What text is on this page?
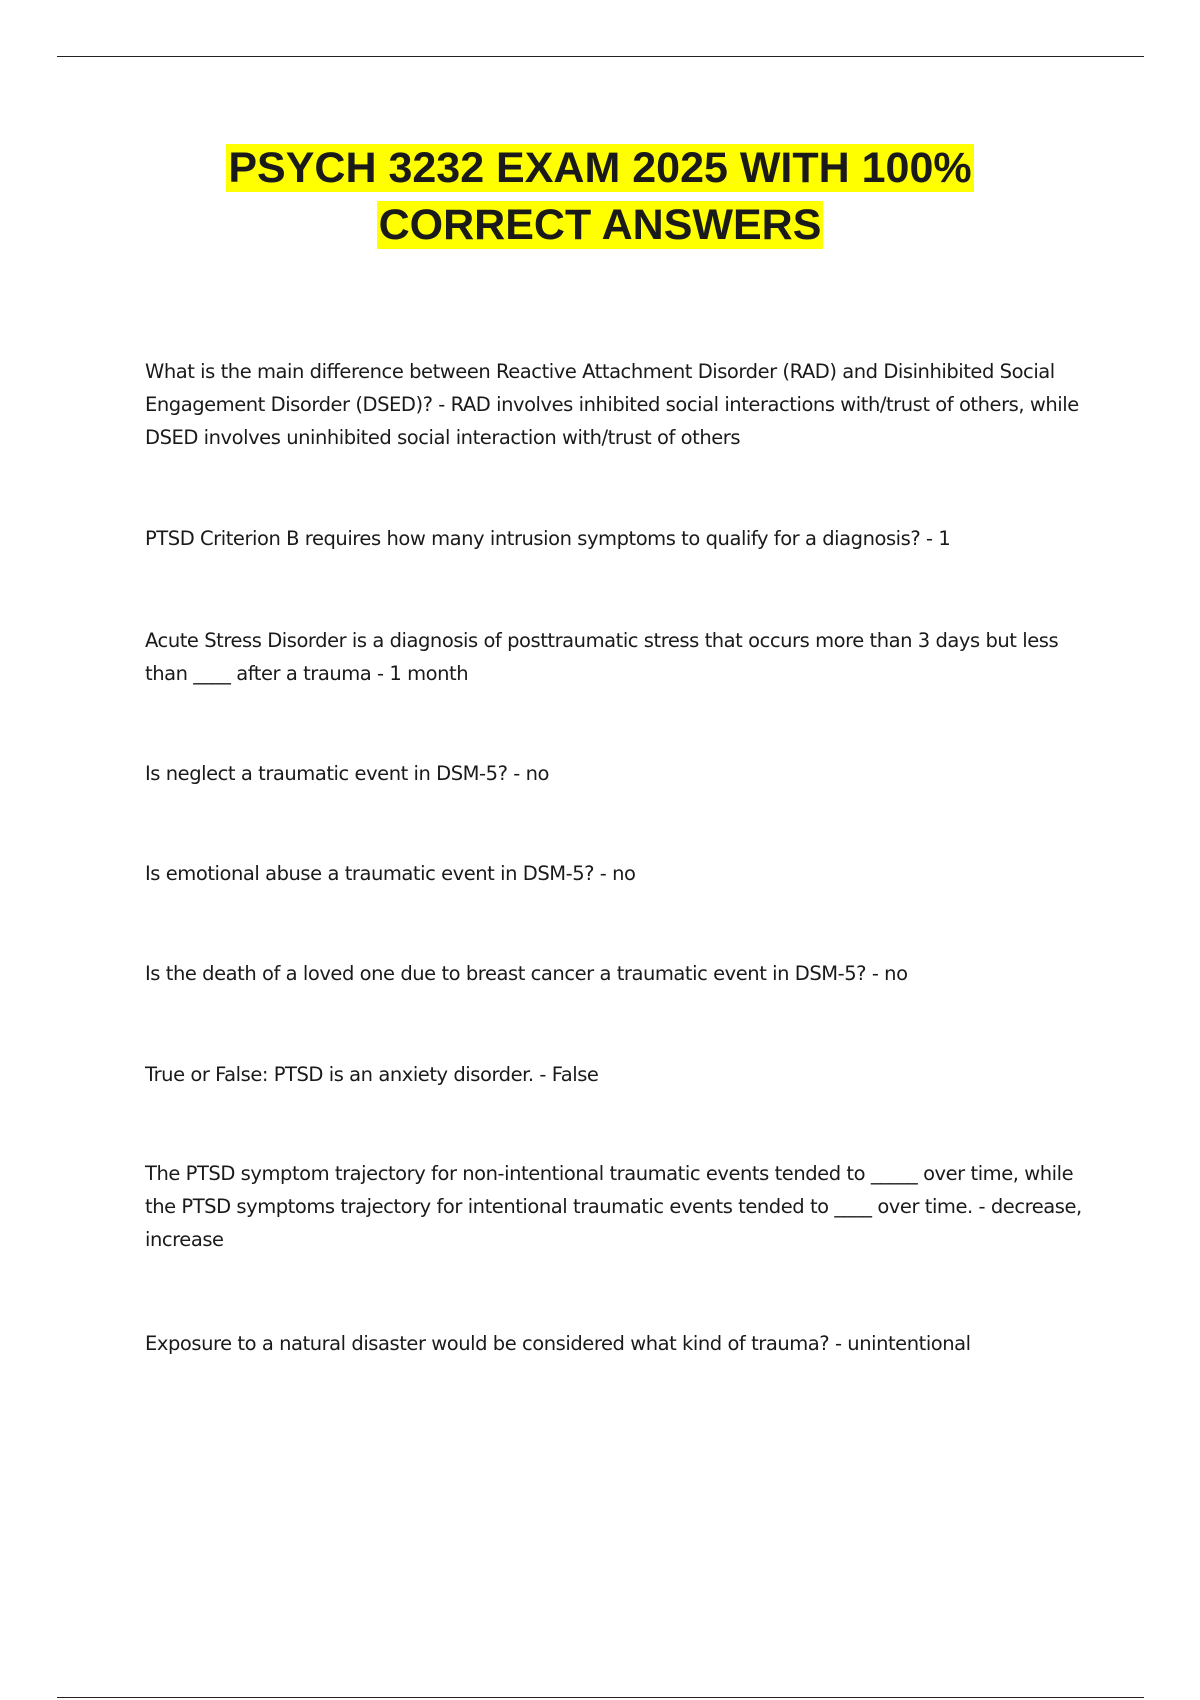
PSYCH 3232 EXAM 2025 WITH 100%
CORRECT ANSWERS

What is the main difference between Reactive Attachment Disorder (RAD) and Disinhibited Social Engagement Disorder (DSED)? - RAD involves inhibited social interactions with/trust of others, while DSED involves uninhibited social interaction with/trust of others

PTSD Criterion B requires how many intrusion symptoms to qualify for a diagnosis? - 1

Acute Stress Disorder is a diagnosis of posttraumatic stress that occurs more than 3 days but less than ____ after a trauma - 1 month

Is neglect a traumatic event in DSM-5? - no

Is emotional abuse a traumatic event in DSM-5? - no

Is the death of a loved one due to breast cancer a traumatic event in DSM-5? - no

True or False: PTSD is an anxiety disorder. - False

The PTSD symptom trajectory for non-intentional traumatic events tended to _____ over time, while the PTSD symptoms trajectory for intentional traumatic events tended to ____ over time. - decrease, increase

Exposure to a natural disaster would be considered what kind of trauma? - unintentional
